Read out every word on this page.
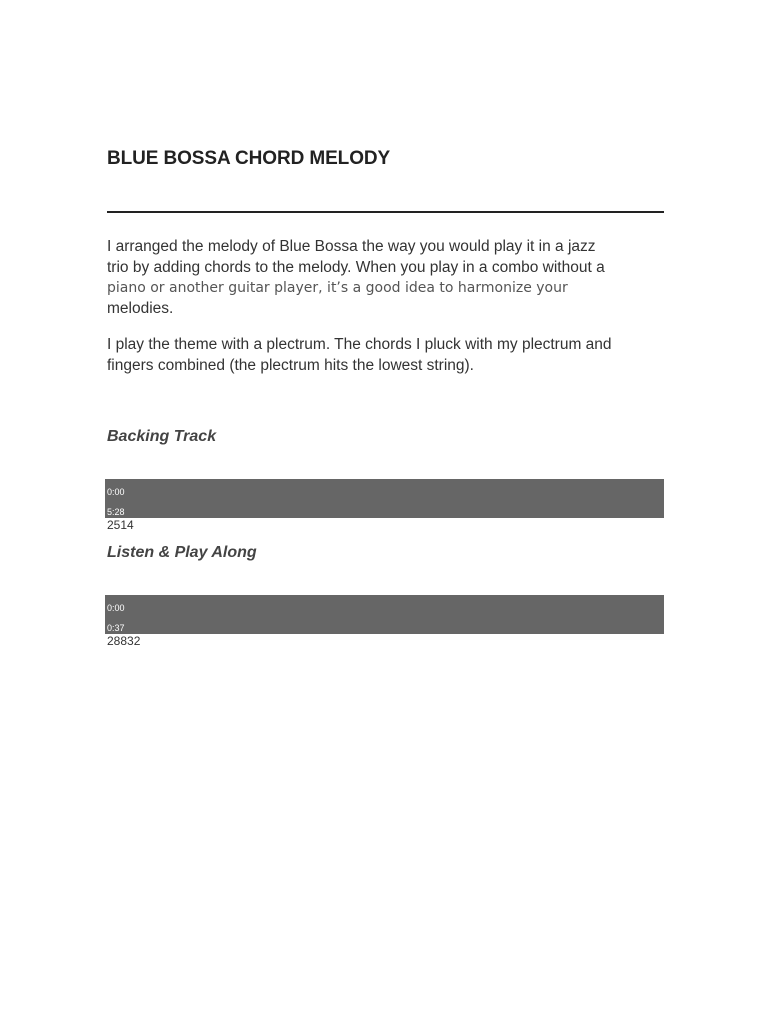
BLUE BOSSA CHORD MELODY

I arranged the melody of Blue Bossa the way you would play it in a jazz
trio by adding chords to the melody. When you play in a combo without a
piano or another guitar player, it’s a good idea to harmonize your
melodies.

I play the theme with a plectrum. The chords I pluck with my plectrum and
fingers combined (the plectrum hits the lowest string).

Backing Track
0:00
5:28
2514
Listen & Play Along
0:00
0:37
28832
